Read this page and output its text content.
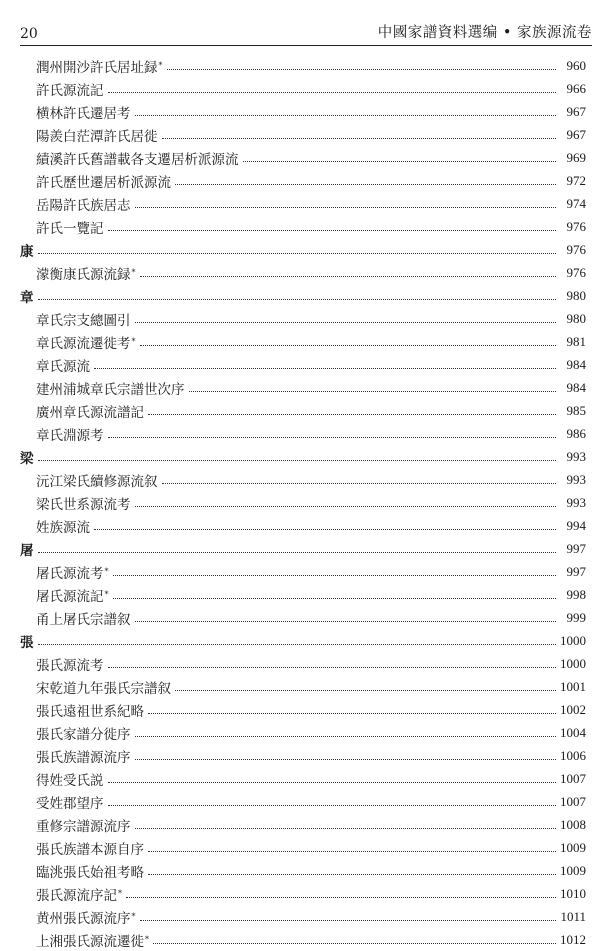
20	中國家譜資料選编 • 家族源流卷
潤州開沙許氏居址録 *	960
許氏源流記	966
横林許氏遷居考	967
陽羨白茫潭許氏居徙	967
績溪許氏舊譜載各支遷居析派源流	969
許氏歷世遷居析派源流	972
岳陽許氏族居志	974
許氏一覽記	976
康	976
濛衡康氏源流録 *	976
章	980
章氏宗支總圖引	980
章氏源流遷徙考 *	981
章氏源流	984
建州浦城章氏宗譜世次序	984
廣州章氏源流譜記	985
章氏淵源考	986
梁	993
沅江梁氏續修源流叙	993
梁氏世系源流考	993
姓族源流	994
屠	997
屠氏源流考 *	997
屠氏源流記 *	998
甬上屠氏宗譜叙	999
張	1000
張氏源流考	1000
宋乾道九年張氏宗譜叙	1001
張氏遠祖世系紀略	1002
張氏家譜分徙序	1004
張氏族譜源流序	1006
得姓受氏説	1007
受姓郡望序	1007
重修宗譜源流序	1008
張氏族譜本源自序	1009
臨洮張氏始祖考略	1009
張氏源流序記 *	1010
黄州張氏源流序 *	1011
上湘張氏源流遷徙 *	1012
